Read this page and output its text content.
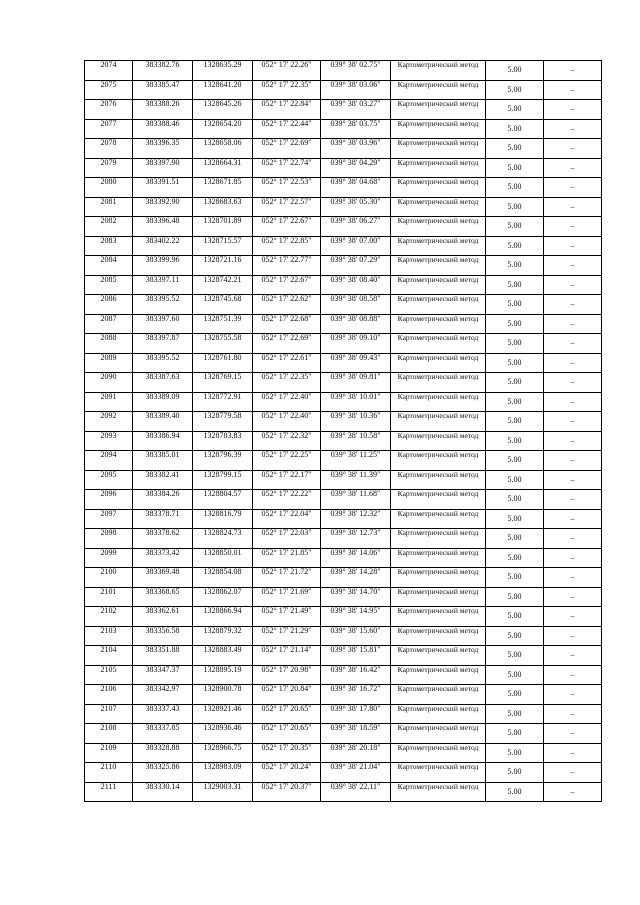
2074	383382.76	1328635.29	052° 17' 22.26"	039° 38' 02.75"	Картометрический метод	5.00	–
2075	383385.47	1328641.20	052° 17' 22.35"	039° 38' 03.06"	Картометрический метод	5.00	–
2076	383388.26	1328645.26	052° 17' 22.84"	039° 38' 03.27"	Картометрический метод	5.00	–
2077	383388.46	1328654.20	052° 17' 22.44"	039° 38' 03.75"	Картометрический метод	5.00	–
2078	383396.35	1328658.06	052° 17' 22.69"	039° 38' 03.96"	Картометрический метод	5.00	–
2079	383397.90	1328664.31	052° 17' 22.74"	039° 38' 04.29"	Картометрический метод	5.00	–
2080	383391.51	1328671.85	052° 17' 22.53"	039° 38' 04.68"	Картометрический метод	5.00	–
2081	383392.90	1328683.63	052° 17' 22.57"	039° 38' 05.30"	Картометрический метод	5.00	–
2082	383396.48	1328701.89	052° 17' 22.67"	039° 38' 06.27"	Картометрический метод	5.00	–
2083	383402.22	1328715.57	052° 17' 22.85"	039° 38' 07.00"	Картометрический метод	5.00	–
2084	383399.96	1328721.16	052° 17' 22.77"	039° 38' 07.29"	Картометрический метод	5.00	–
2085	383397.11	1328742.21	052° 17' 22.67"	039° 38' 08.40"	Картометрический метод	5.00	–
2086	383395.52	1328745.68	052° 17' 22.62"	039° 38' 08.58"	Картометрический метод	5.00	–
2087	383397.60	1328751.39	052° 17' 22.68"	039° 38' 08.88"	Картометрический метод	5.00	–
2088	383397.87	1328755.58	052° 17' 22.69"	039° 38' 09.10"	Картометрический метод	5.00	–
2089	383395.52	1328761.80	052° 17' 22.61"	039° 38' 09.43"	Картометрический метод	5.00	–
2090	383387.63	1328769.15	052° 17' 22.35"	039° 38' 09.81"	Картометрический метод	5.00	–
2091	383389.09	1328772.91	052° 17' 22.40"	039° 38' 10.01"	Картометрический метод	5.00	–
2092	383389.40	1328779.58	052° 17' 22.40"	039° 38' 10.36"	Картометрический метод	5.00	–
2093	383386.94	1328783.83	052° 17' 22.32"	039° 38' 10.58"	Картометрический метод	5.00	–
2094	383385.01	1328796.39	052° 17' 22.25"	039° 38' 11.25"	Картометрический метод	5.00	–
2095	383382.41	1328799.15	052° 17' 22.17"	039° 38' 11.39"	Картометрический метод	5.00	–
2096	383384.26	1328804.57	052° 17' 22.22"	039° 38' 11.68"	Картометрический метод	5.00	–
2097	383378.71	1328816.79	052° 17' 22.04"	039° 38' 12.32"	Картометрический метод	5.00	–
2098	383378.62	1328824.73	052° 17' 22.03"	039° 38' 12.73"	Картометрический метод	5.00	–
2099	383373.42	1328850.01	052° 17' 21.85"	039° 38' 14.06"	Картометрический метод	5.00	–
2100	383369.48	1328854.08	052° 17' 21.72"	039° 38' 14.28"	Картометрический метод	5.00	–
2101	383368.65	1328862.07	052° 17' 21.69"	039° 38' 14.70"	Картометрический метод	5.00	–
2102	383362.61	1328866.94	052° 17' 21.49"	039° 38' 14.95"	Картометрический метод	5.00	–
2103	383356.58	1328879.32	052° 17' 21.29"	039° 38' 15.60"	Картометрический метод	5.00	–
2104	383351.88	1328883.49	052° 17' 21.14"	039° 38' 15.81"	Картометрический метод	5.00	–
2105	383347.37	1328895.19	052° 17' 20.98"	039° 38' 16.42"	Картометрический метод	5.00	–
2106	383342.97	1328900.78	052° 17' 20.84"	039° 38' 16.72"	Картометрический метод	5.00	–
2107	383337.43	1328921.46	052° 17' 20.65"	039° 38' 17.80"	Картометрический метод	5.00	–
2108	383337.85	1328936.46	052° 17' 20.65"	039° 38' 18.59"	Картометрический метод	5.00	–
2109	383328.88	1328966.75	052° 17' 20.35"	039° 38' 20.18"	Картометрический метод	5.00	–
2110	383325.86	1328983.09	052° 17' 20.24"	039° 38' 21.04"	Картометрический метод	5.00	–
2111	383330.14	1329003.31	052° 17' 20.37"	039° 38' 22.11"	Картометрический метод	5.00	–
